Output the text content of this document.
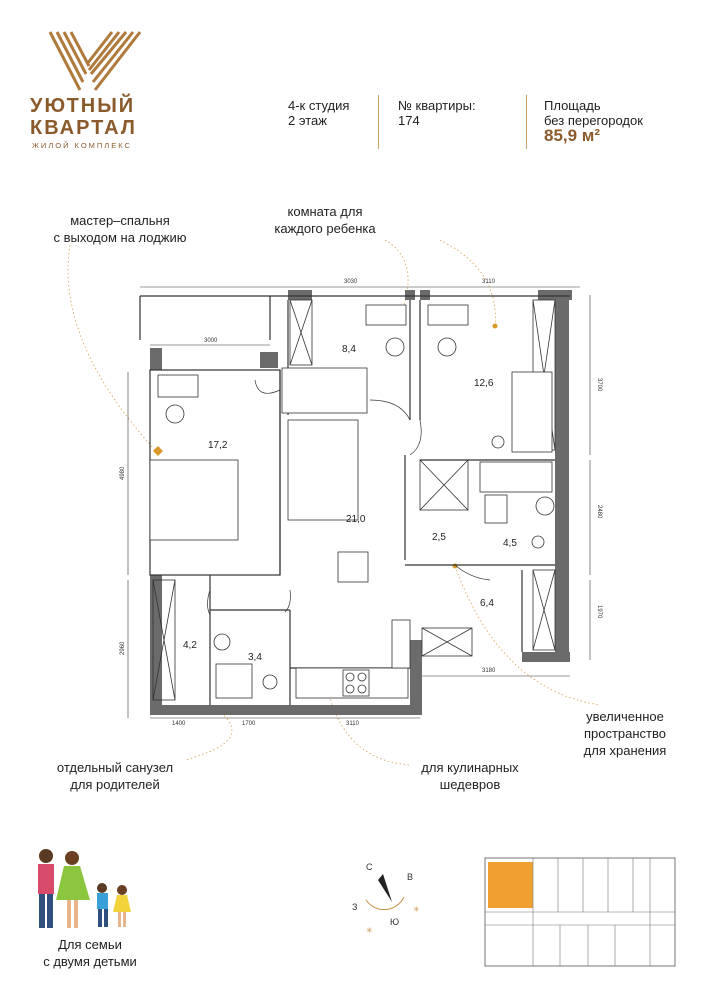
УЮТНЫЙ
КВАРТАЛ
ЖИЛОЙ КОМПЛЕКС
4-к студия
2 этаж
№ квартиры:
174
Площадь
без перегородок
85,9 м²
мастер–спальня
с выходом на лоджию
комната для
каждого ребенка
увеличенное
пространство
для хранения
отдельный санузел
для родителей
для кулинарных
шедевров
3030	3110
3000
4980
3700
2480
1970
2960
3180
1400	1700	3110
8,4
12,6
17,2
21,0
2,5
4,5
6,4
4,2
3,4
С
В
Ю
З
✳
✳
Для семьи
с двумя детьми
